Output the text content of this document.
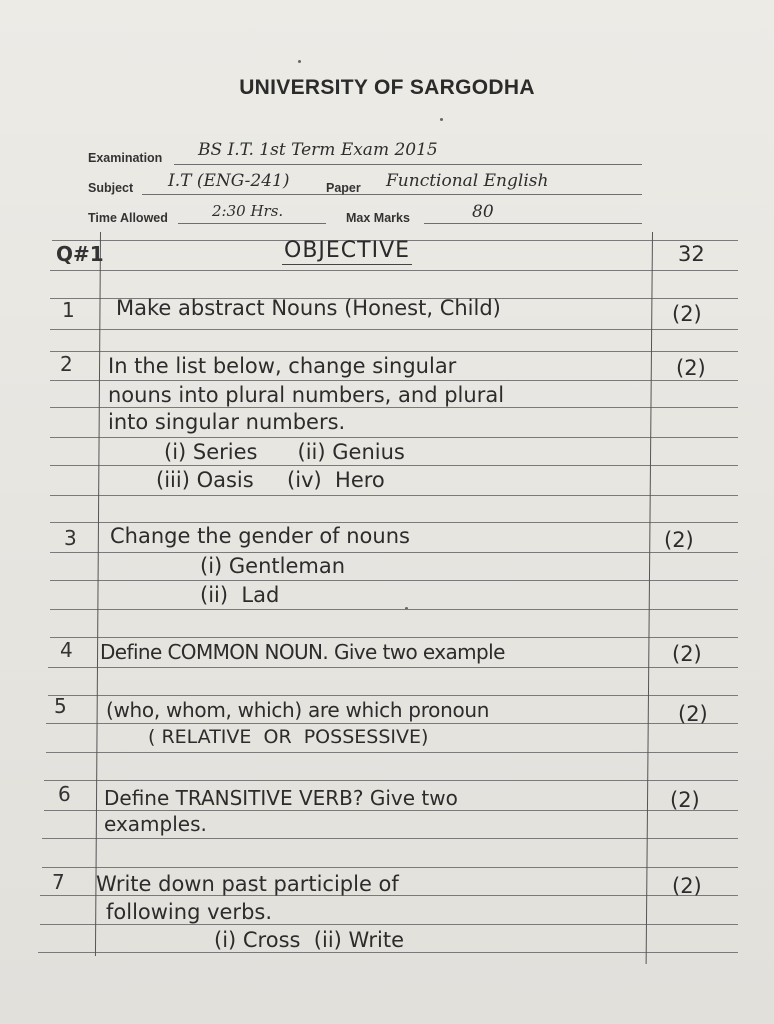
UNIVERSITY OF SARGODHA
Examination BS I.T. 1st Term Exam 2015
Subject I.T (ENG-241)	Paper Functional English
Time Allowed	2:30 Hrs.	Max Marks	80
Q#1	OBJECTIVE	32
1 Make abstract Nouns (Honest, Child)	(2)
2 In the list below, change singular
nouns into plural numbers, and plural
into singular numbers.
(i) Series      (ii) Genius
(iii) Oasis     (iv)  Hero
(2)
3 Change the gender of nouns
(i) Gentleman
(ii)  Lad
(2)
4 Define COMMON NOUN. Give two example	(2)
5 (who, whom, which) are which pronoun
( RELATIVE  OR  POSSESSIVE)
(2)
6 Define TRANSITIVE VERB? Give two
examples.
(2)
7 Write down past participle of
following verbs.
(i) Cross  (ii) Write
(2)
